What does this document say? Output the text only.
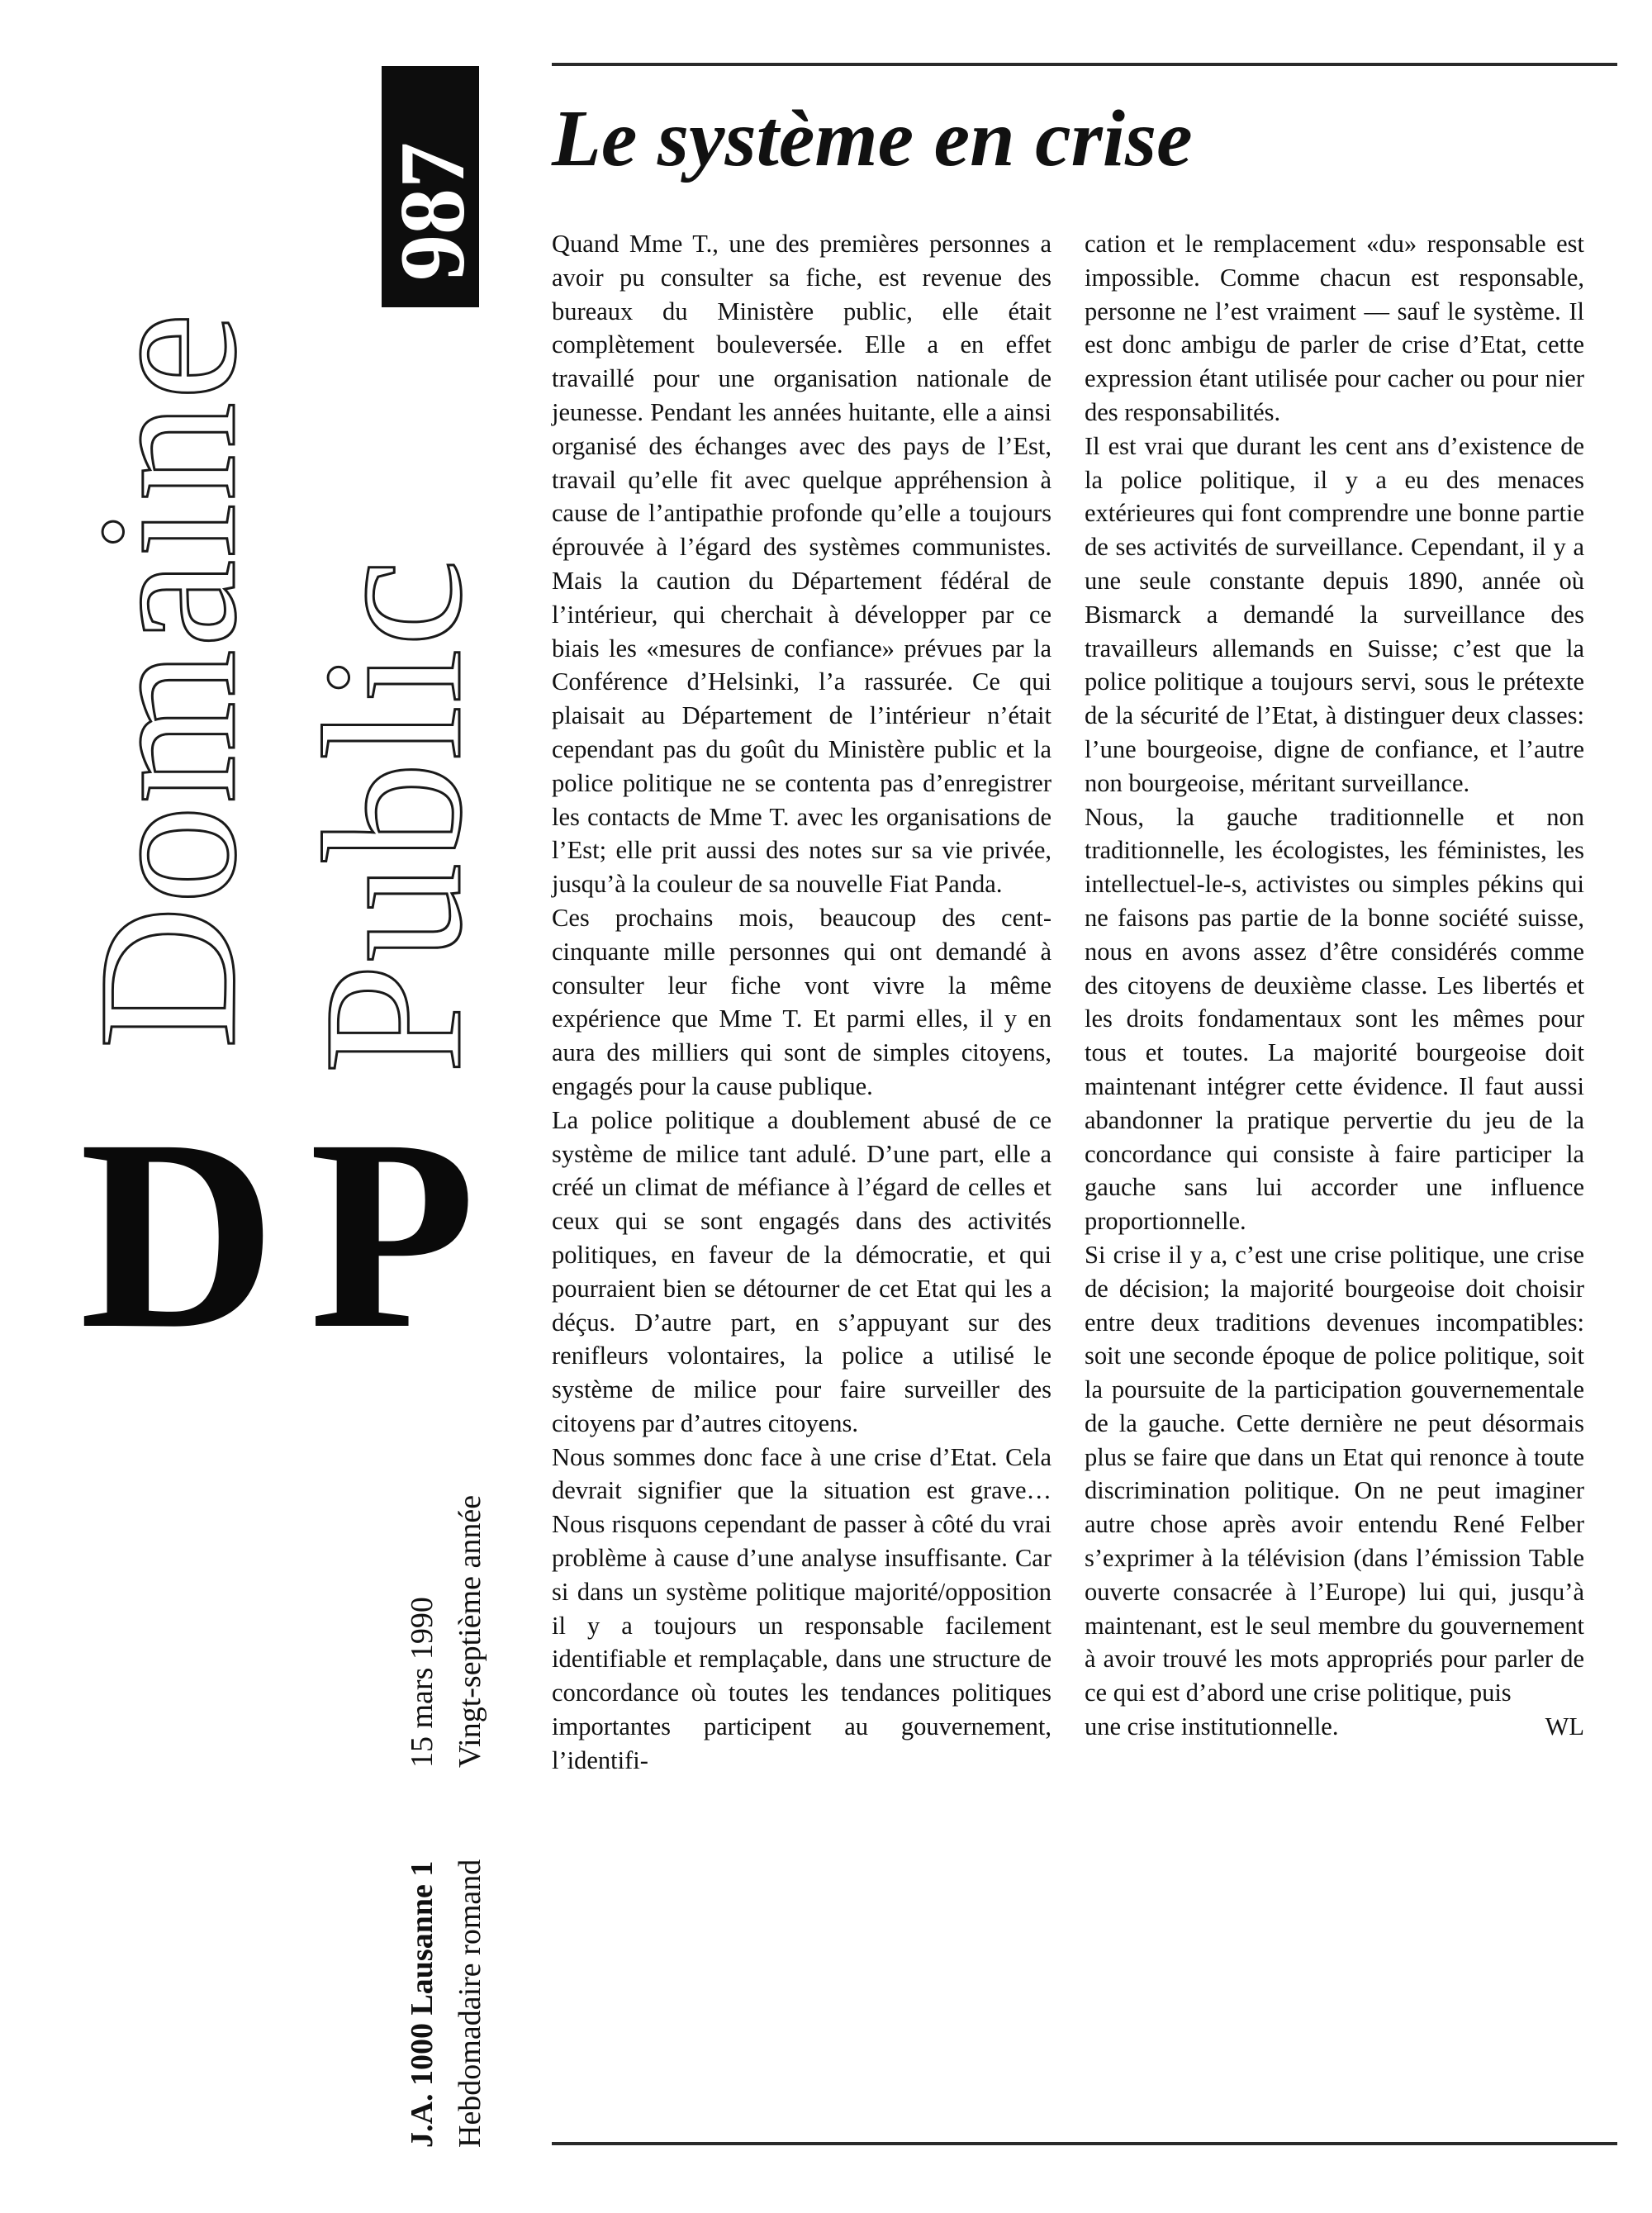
Domaine Public
987
DP
J.A. 1000 Lausanne 1 Hebdomadaire romand
15 mars 1990 Vingt-septième année
Le système en crise

Quand Mme T., une des premières personnes a avoir pu consulter sa fiche, est revenue des bureaux du Ministère public, elle était complètement bouleversée. Elle a en effet travaillé pour une organisation nationale de jeunesse. Pendant les années huitante, elle a ainsi organisé des échanges avec des pays de l’Est, travail qu’elle fit avec quelque appréhension à cause de l’antipathie profonde qu’elle a toujours éprouvée à l’égard des systèmes communistes. Mais la caution du Département fédéral de l’intérieur, qui cherchait à développer par ce biais les «mesures de confiance» prévues par la Conférence d’Helsinki, l’a rassurée. Ce qui plaisait au Département de l’intérieur n’était cependant pas du goût du Ministère public et la police politique ne se contenta pas d’enregistrer les contacts de Mme T. avec les organisations de l’Est; elle prit aussi des notes sur sa vie privée, jusqu’à la couleur de sa nouvelle Fiat Panda.

Ces prochains mois, beaucoup des cent-cinquante mille personnes qui ont demandé à consulter leur fiche vont vivre la même expérience que Mme T. Et parmi elles, il y en aura des milliers qui sont de simples citoyens, engagés pour la cause publique.

La police politique a doublement abusé de ce système de milice tant adulé. D’une part, elle a créé un climat de méfiance à l’égard de celles et ceux qui se sont engagés dans des activités politiques, en faveur de la démocratie, et qui pourraient bien se détourner de cet Etat qui les a déçus. D’autre part, en s’appuyant sur des renifleurs volontaires, la police a utilisé le système de milice pour faire surveiller des citoyens par d’autres citoyens.

Nous sommes donc face à une crise d’Etat. Cela devrait signifier que la situation est grave… Nous risquons cependant de passer à côté du vrai problème à cause d’une analyse insuffisante. Car si dans un système politique majorité/opposition il y a toujours un responsable facilement identifiable et remplaçable, dans une structure de concordance où toutes les tendances politiques importantes participent au gouvernement, l’identifi-

cation et le remplacement «du» responsable est impossible. Comme chacun est responsable, personne ne l’est vraiment — sauf le système. Il est donc ambigu de parler de crise d’Etat, cette expression étant utilisée pour cacher ou pour nier des responsabilités.

Il est vrai que durant les cent ans d’existence de la police politique, il y a eu des menaces extérieures qui font comprendre une bonne partie de ses activités de surveillance. Cependant, il y a une seule constante depuis 1890, année où Bismarck a demandé la surveillance des travailleurs allemands en Suisse; c’est que la police politique a toujours servi, sous le prétexte de la sécurité de l’Etat, à distinguer deux classes: l’une bourgeoise, digne de confiance, et l’autre non bourgeoise, méritant surveillance.

Nous, la gauche traditionnelle et non traditionnelle, les écologistes, les féministes, les intellectuel-le-s, activistes ou simples pékins qui ne faisons pas partie de la bonne société suisse, nous en avons assez d’être considérés comme des citoyens de deuxième classe. Les libertés et les droits fondamentaux sont les mêmes pour tous et toutes. La majorité bourgeoise doit maintenant intégrer cette évidence. Il faut aussi abandonner la pratique pervertie du jeu de la concordance qui consiste à faire participer la gauche sans lui accorder une influence proportionnelle.

Si crise il y a, c’est une crise politique, une crise de décision; la majorité bourgeoise doit choisir entre deux traditions devenues incompatibles: soit une seconde époque de police politique, soit la poursuite de la participation gouvernementale de la gauche. Cette dernière ne peut désormais plus se faire que dans un Etat qui renonce à toute discrimination politique. On ne peut imaginer autre chose après avoir entendu René Felber s’exprimer à la télévision (dans l’émission Table ouverte consacrée à l’Europe) lui qui, jusqu’à maintenant, est le seul membre du gouvernement à avoir trouvé les mots appropriés pour parler de ce qui est d’abord une crise politique, puis

une crise institutionnelle.	WL
